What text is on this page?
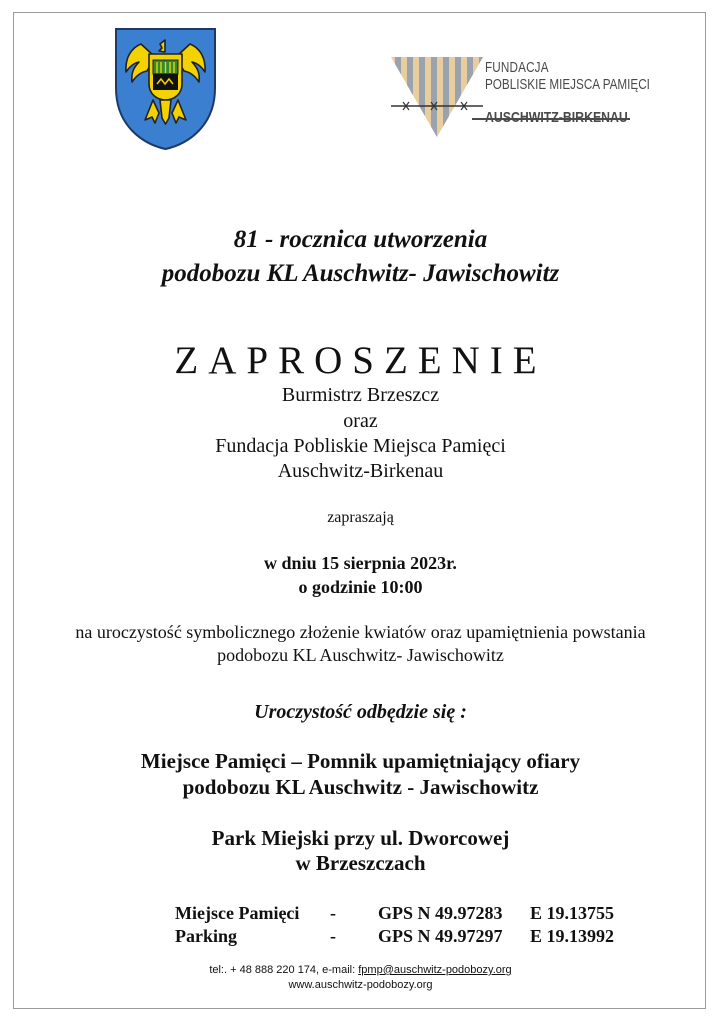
FUNDACJA
POBLISKIE MIEJSCA PAMIĘCI
AUSCHWITZ-BIRKENAU
81 - rocznica utworzenia
podobozu KL Auschwitz- Jawischowitz
ZAPROSZENIE
Burmistrz Brzeszcz
oraz
Fundacja Pobliskie Miejsca Pamięci
Auschwitz-Birkenau
zapraszają
w dniu 15 sierpnia 2023r.
o godzinie 10:00
na uroczystość symbolicznego złożenie kwiatów oraz upamiętnienia powstania
podobozu KL Auschwitz- Jawischowitz
Uroczystość odbędzie się :
Miejsce Pamięci – Pomnik upamiętniający ofiary
podobozu KL Auschwitz - Jawischowitz
Park Miejski przy ul. Dworcowej
w Brzeszczach
Miejsce Pamięci - GPS N 49.97283 E 19.13755
Parking	- GPS N 49.97297 E 19.13992
tel:. + 48 888 220 174, e-mail: fpmp@auschwitz-podobozy.org
www.auschwitz-podobozy.org
